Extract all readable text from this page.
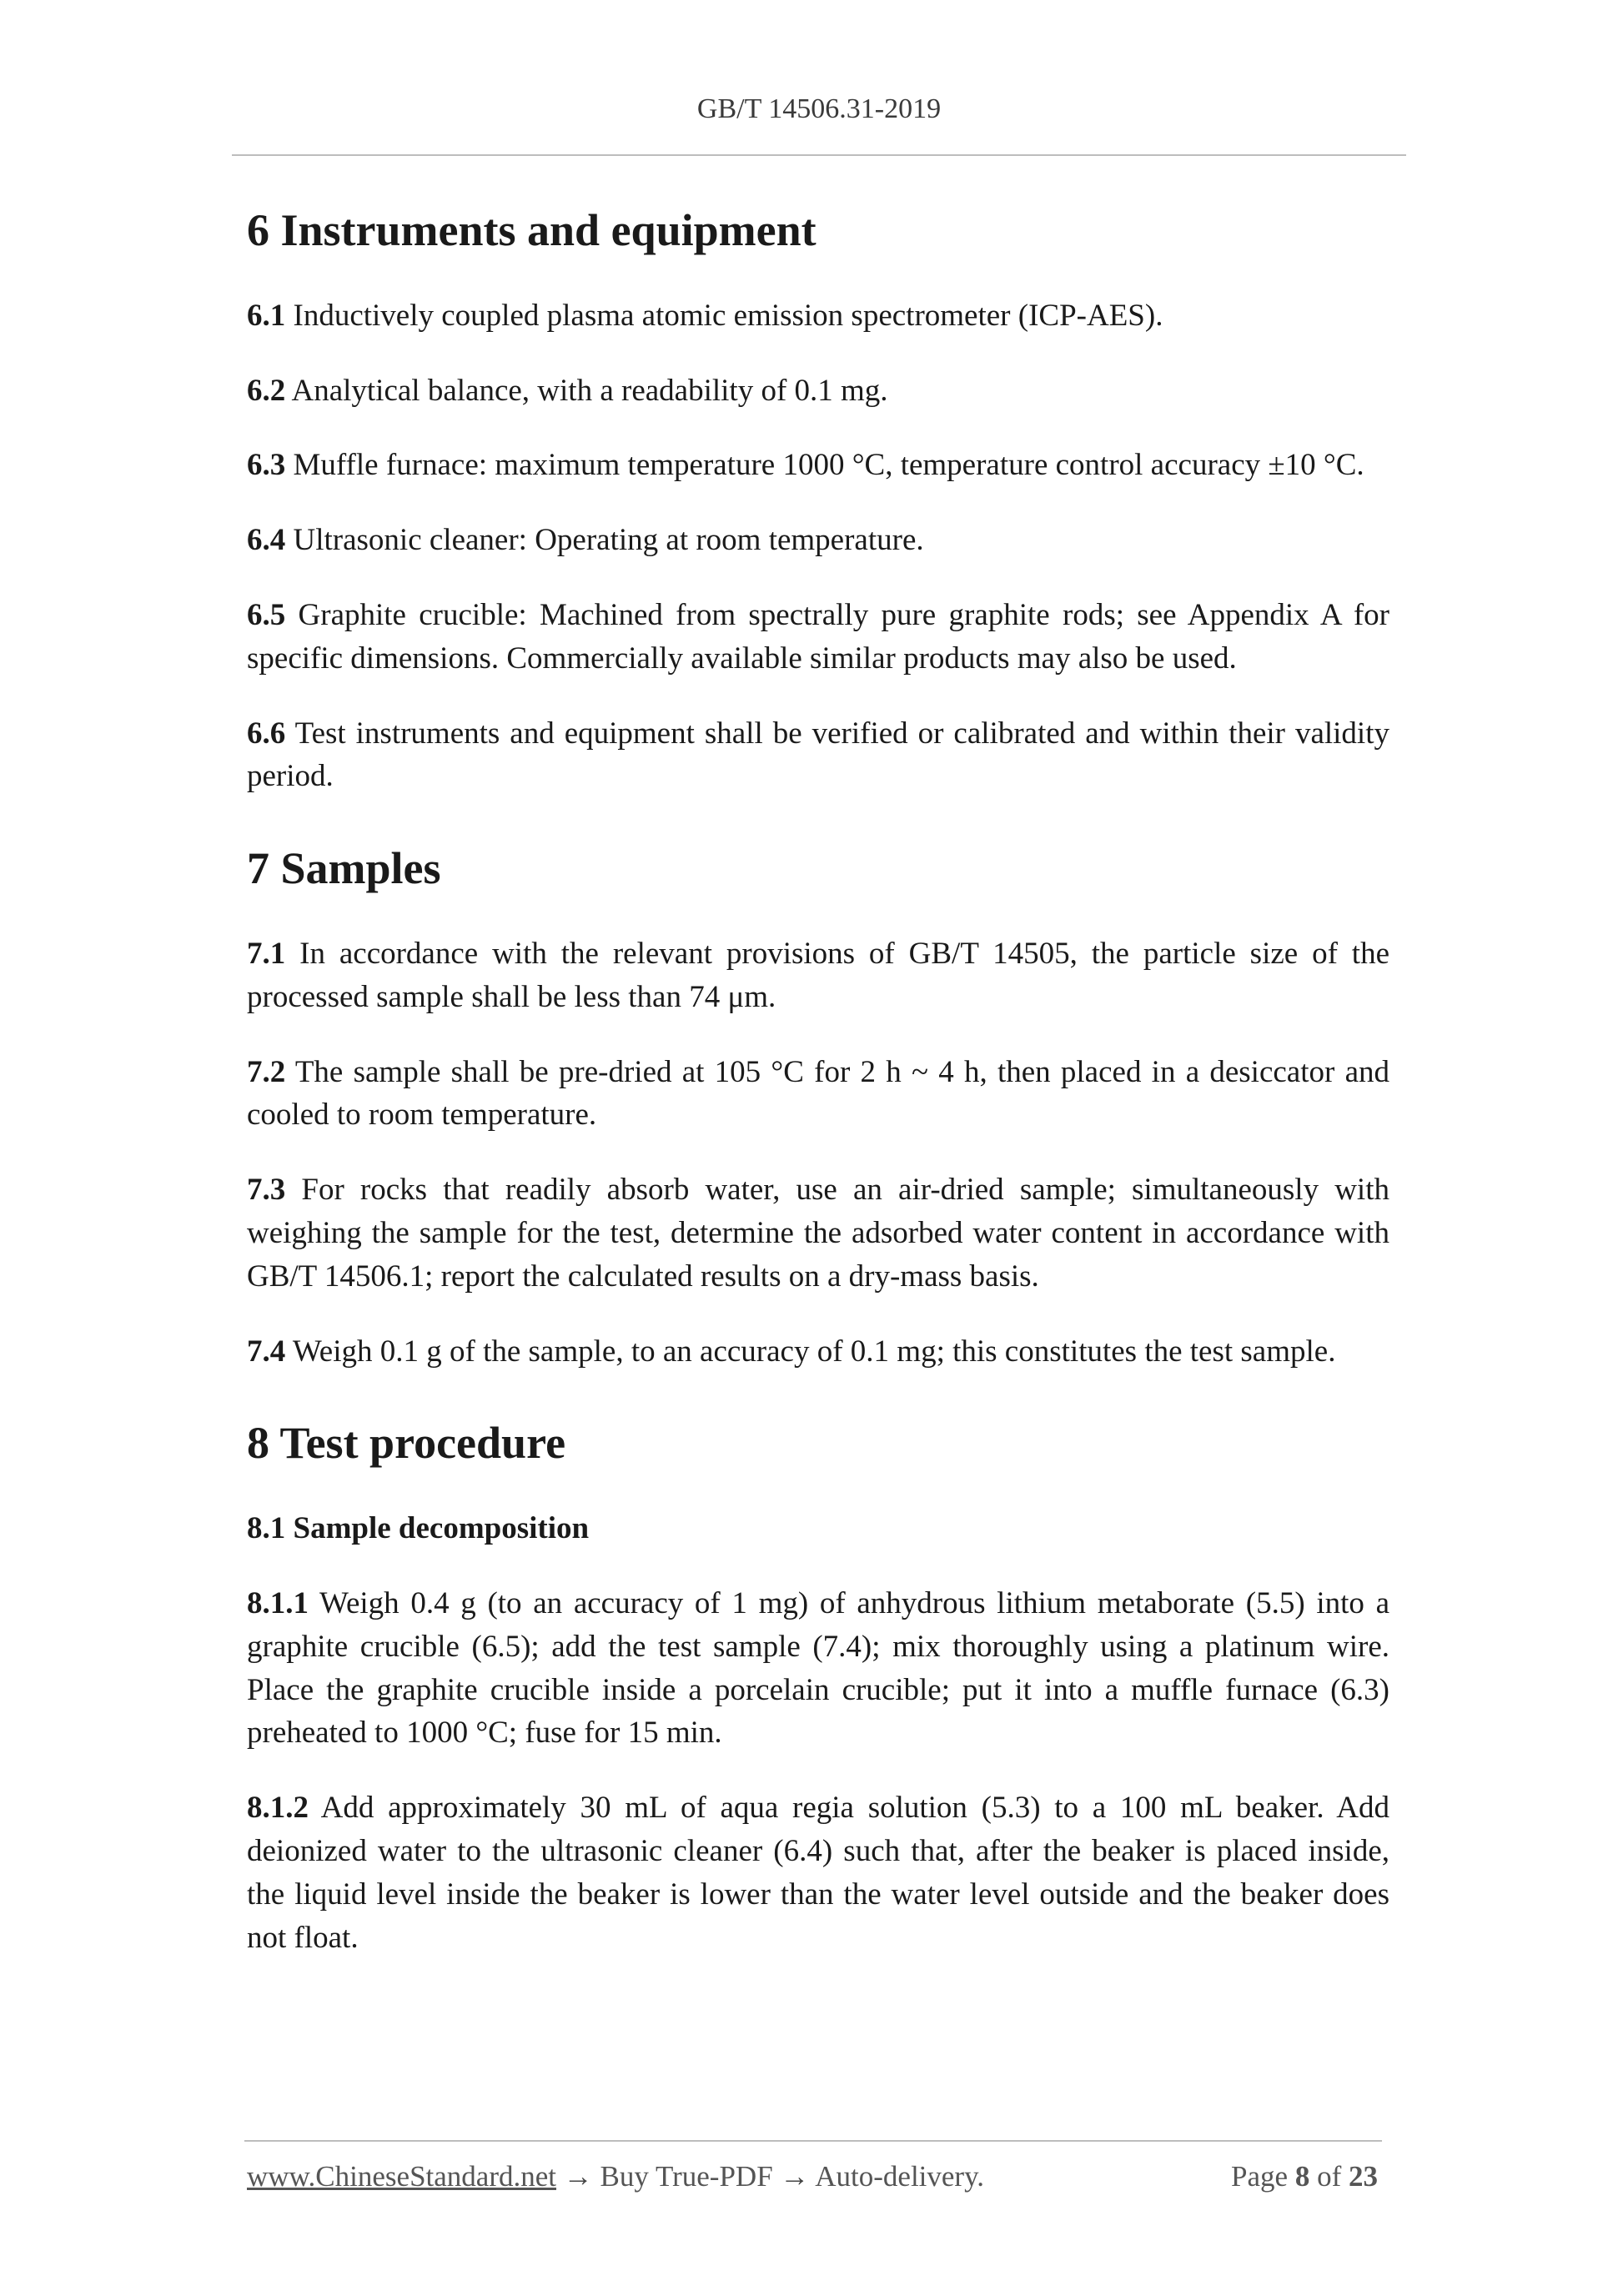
GB/T 14506.31-2019
6 Instruments and equipment

6.1 Inductively coupled plasma atomic emission spectrometer (ICP-AES).

6.2 Analytical balance, with a readability of 0.1 mg.

6.3 Muffle furnace: maximum temperature 1000 °C, temperature control accuracy ±10 °C.

6.4 Ultrasonic cleaner: Operating at room temperature.

6.5 Graphite crucible: Machined from spectrally pure graphite rods; see Appendix A for specific dimensions. Commercially available similar products may also be used.

6.6 Test instruments and equipment shall be verified or calibrated and within their validity period.

7 Samples

7.1 In accordance with the relevant provisions of GB/T 14505, the particle size of the processed sample shall be less than 74 μm.

7.2 The sample shall be pre-dried at 105 °C for 2 h ~ 4 h, then placed in a desiccator and cooled to room temperature.

7.3 For rocks that readily absorb water, use an air-dried sample; simultaneously with weighing the sample for the test, determine the adsorbed water content in accordance with GB/T 14506.1; report the calculated results on a dry-mass basis.

7.4 Weigh 0.1 g of the sample, to an accuracy of 0.1 mg; this constitutes the test sample.

8 Test procedure
8.1 Sample decomposition

8.1.1 Weigh 0.4 g (to an accuracy of 1 mg) of anhydrous lithium metaborate (5.5) into a graphite crucible (6.5); add the test sample (7.4); mix thoroughly using a platinum wire. Place the graphite crucible inside a porcelain crucible; put it into a muffle furnace (6.3) preheated to 1000 °C; fuse for 15 min.

8.1.2 Add approximately 30 mL of aqua regia solution (5.3) to a 100 mL beaker. Add deionized water to the ultrasonic cleaner (6.4) such that, after the beaker is placed inside, the liquid level inside the beaker is lower than the water level outside and the beaker does not float.

www.ChineseStandard.net → Buy True-PDF → Auto-delivery.	Page 8 of 23
